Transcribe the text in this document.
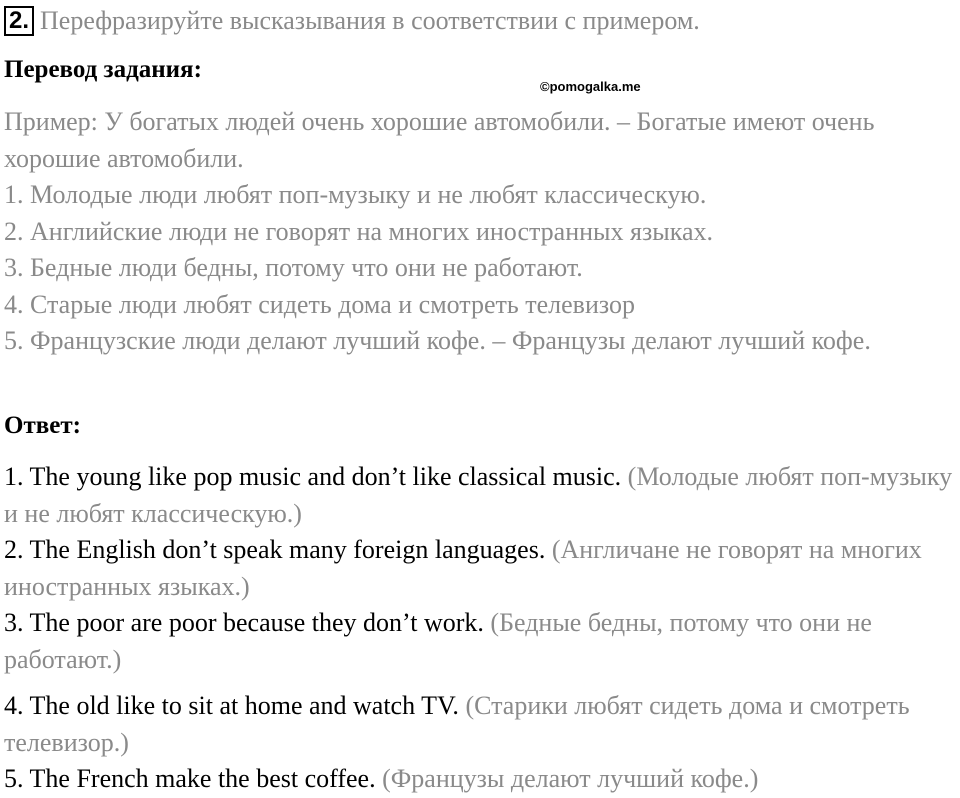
2. Перефразируйте высказывания в соответствии с примером.
Перевод задания:
©pomogalka.me

Пример: У богатых людей очень хорошие автомобили. – Богатые имеют очень хорошие автомобили.

1. Молодые люди любят поп-музыку и не любят классическую.

2. Английские люди не говорят на многих иностранных языках.

3. Бедные люди бедны, потому что они не работают.

4. Старые люди любят сидеть дома и смотреть телевизор

5. Французские люди делают лучший кофе. – Французы делают лучший кофе.

Ответ:

1. The young like pop music and don’t like classical music. (Молодые любят поп-музыку и не любят классическую.)

2. The English don’t speak many foreign languages. (Англичане не говорят на многих иностранных языках.)

3. The poor are poor because they don’t work. (Бедные бедны, потому что они не работают.)

4. The old like to sit at home and watch TV. (Старики любят сидеть дома и смотреть телевизор.)

5. The French make the best coffee. (Французы делают лучший кофе.)
